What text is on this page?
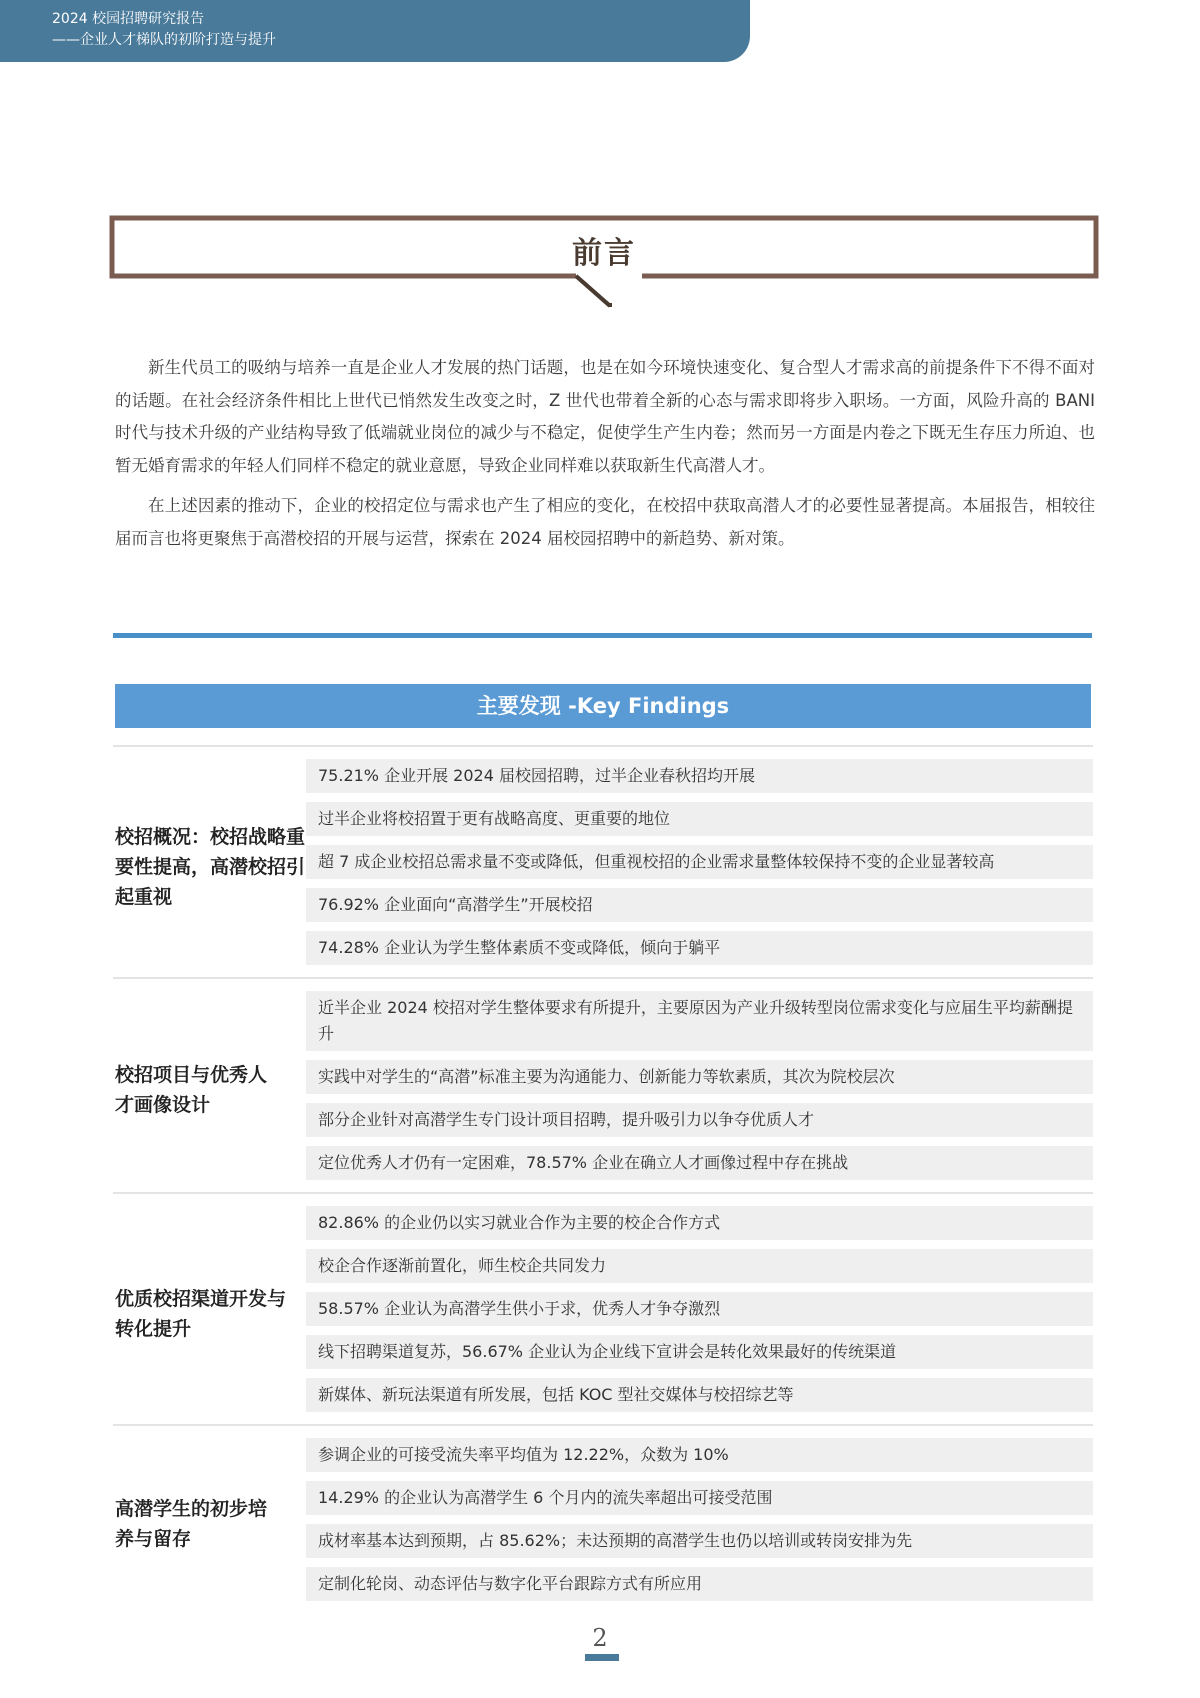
2024 校园招聘研究报告
——企业人才梯队的初阶打造与提升
前言

新生代员工的吸纳与培养一直是企业人才发展的热门话题，也是在如今环境快速变化、复合型人才需求高的前提条件下不得不面对的话题。在社会经济条件相比上世代已悄然发生改变之时，Z 世代也带着全新的心态与需求即将步入职场。一方面，风险升高的 BANI 时代与技术升级的产业结构导致了低端就业岗位的减少与不稳定，促使学生产生内卷；然而另一方面是内卷之下既无生存压力所迫、也暂无婚育需求的年轻人们同样不稳定的就业意愿，导致企业同样难以获取新生代高潜人才。

在上述因素的推动下，企业的校招定位与需求也产生了相应的变化，在校招中获取高潜人才的必要性显著提高。本届报告，相较往届而言也将更聚焦于高潜校招的开展与运营，探索在 2024 届校园招聘中的新趋势、新对策。

主要发现 -Key Findings
校招概况：校招战略重要性提高，高潜校招引起重视
75.21% 企业开展 2024 届校园招聘，过半企业春秋招均开展
过半企业将校招置于更有战略高度、更重要的地位
超 7 成企业校招总需求量不变或降低，但重视校招的企业需求量整体较保持不变的企业显著较高
76.92% 企业面向“高潜学生”开展校招
74.28% 企业认为学生整体素质不变或降低，倾向于躺平
校招项目与优秀人才画像设计
近半企业 2024 校招对学生整体要求有所提升，主要原因为产业升级转型岗位需求变化与应届生平均薪酬提升
实践中对学生的“高潜”标准主要为沟通能力、创新能力等软素质，其次为院校层次
部分企业针对高潜学生专门设计项目招聘，提升吸引力以争夺优质人才
定位优秀人才仍有一定困难，78.57% 企业在确立人才画像过程中存在挑战
优质校招渠道开发与转化提升
82.86% 的企业仍以实习就业合作为主要的校企合作方式
校企合作逐渐前置化，师生校企共同发力
58.57% 企业认为高潜学生供小于求，优秀人才争夺激烈
线下招聘渠道复苏，56.67% 企业认为企业线下宣讲会是转化效果最好的传统渠道
新媒体、新玩法渠道有所发展，包括 KOC 型社交媒体与校招综艺等
高潜学生的初步培养与留存
参调企业的可接受流失率平均值为 12.22%，众数为 10%
14.29% 的企业认为高潜学生 6 个月内的流失率超出可接受范围
成材率基本达到预期，占 85.62%；未达预期的高潜学生也仍以培训或转岗安排为先
定制化轮岗、动态评估与数字化平台跟踪方式有所应用
2
